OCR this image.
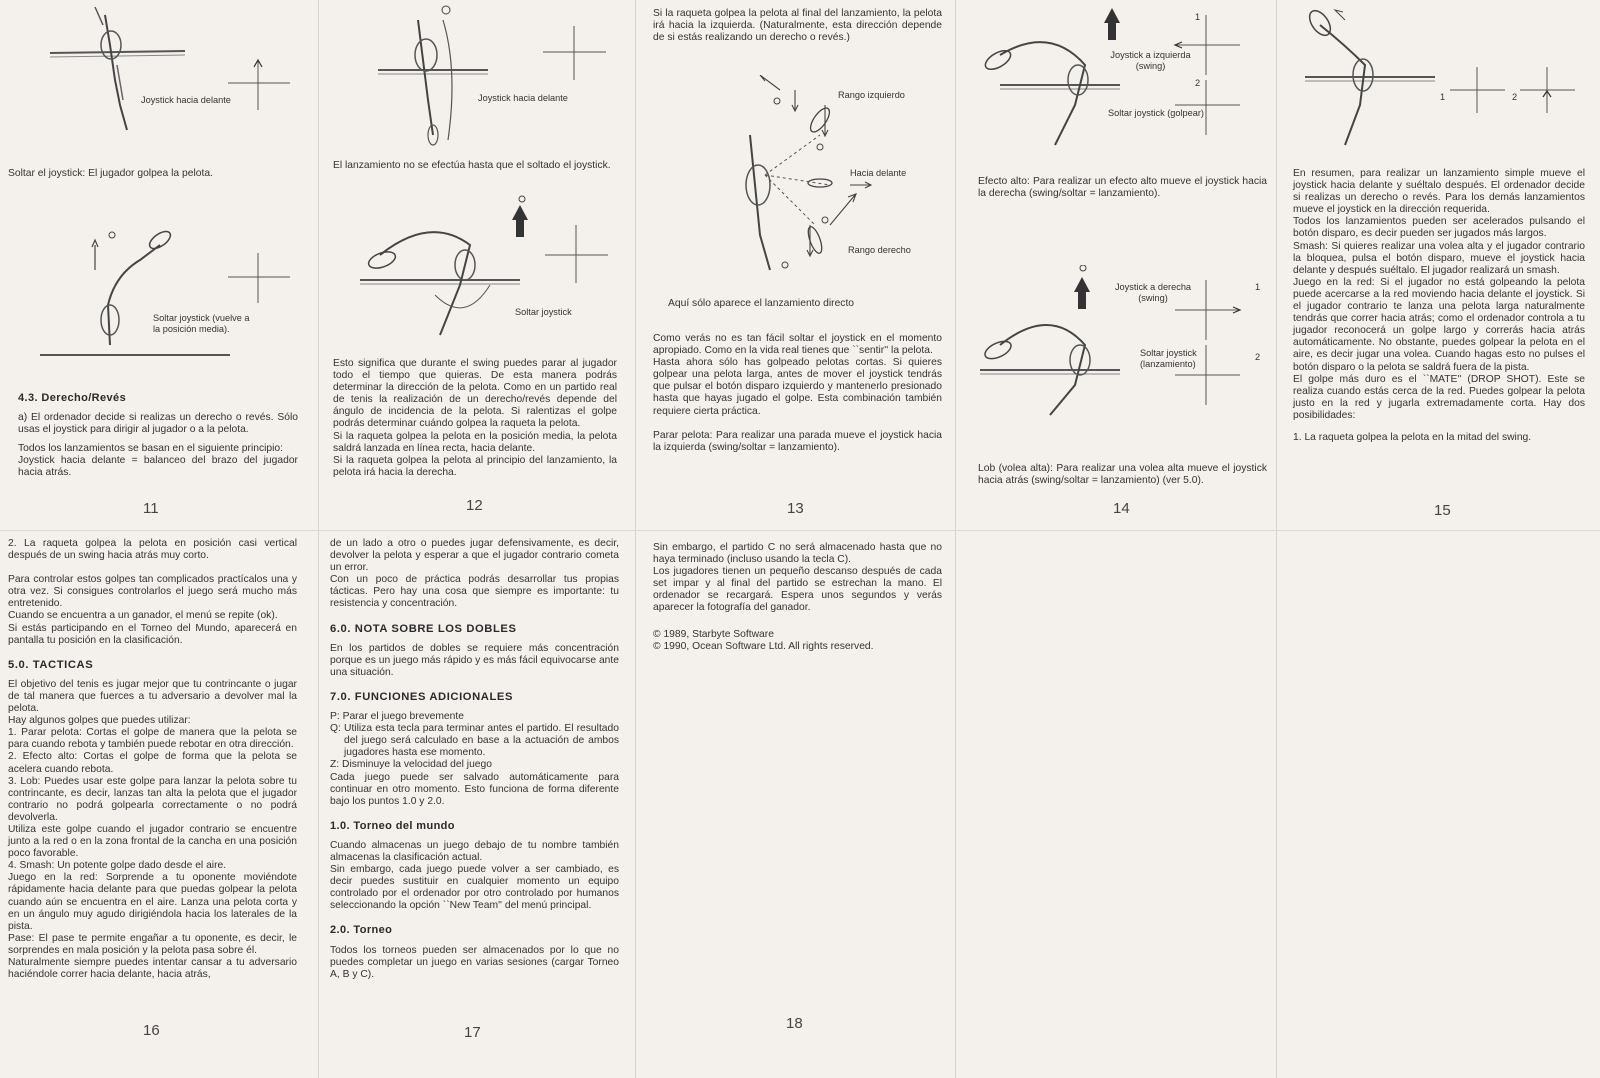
Joystick hacia delante

Soltar el joystick: El jugador golpea la pelota.

Soltar joystick (vuelve a la posición media).
4.3. Derecho/Revés

a) El ordenador decide si realizas un derecho o revés. Sólo usas el joystick para dirigir al jugador o a la pelota.

Todos los lanzamientos se basan en el siguiente principio:

Joystick hacia delante = balanceo del brazo del jugador hacia atrás.

11
Joystick hacia delante

El lanzamiento no se efectúa hasta que el soltado el joystick.

Soltar joystick

Esto significa que durante el swing puedes parar al jugador todo el tiempo que quieras. De esta manera podrás determinar la dirección de la pelota. Como en un partido real de tenis la realización de un derecho/revés depende del ángulo de incidencia de la pelota. Si ralentizas el golpe podrás determinar cuándo golpea la raqueta la pelota.

Si la raqueta golpea la pelota en la posición media, la pelota saldrá lanzada en línea recta, hacia delante.

Si la raqueta golpea la pelota al principio del lanzamiento, la pelota irá hacia la derecha.

12

Si la raqueta golpea la pelota al final del lanzamiento, la pelota irá hacia la izquierda. (Naturalmente, esta dirección depende de si estás realizando un derecho o revés.)

Rango izquierdo
Hacia delante
Rango derecho

Aquí sólo aparece el lanzamiento directo

Como verás no es tan fácil soltar el joystick en el momento apropiado. Como en la vida real tienes que ``sentir'' la pelota.

Hasta ahora sólo has golpeado pelotas cortas. Si quieres golpear una pelota larga, antes de mover el joystick tendrás que pulsar el botón disparo izquierdo y mantenerlo presionado hasta que hayas jugado el golpe. Esta combinación también requiere cierta práctica.

Parar pelota: Para realizar una parada mueve el joystick hacia la izquierda (swing/soltar = lanzamiento).

13
Joystick a izquierda (swing)
Soltar joystick (golpear)
1
2

Efecto alto: Para realizar un efecto alto mueve el joystick hacia la derecha (swing/soltar = lanzamiento).

Joystick a derecha (swing)
Soltar joystick (lanzamiento)
1
2

Lob (volea alta): Para realizar una volea alta mueve el joystick hacia atrás (swing/soltar = lanzamiento) (ver 5.0).

14
1	2

En resumen, para realizar un lanzamiento simple mueve el joystick hacia delante y suéltalo después. El ordenador decide si realizas un derecho o revés. Para los demás lanzamientos mueve el joystick en la dirección requerida.

Todos los lanzamientos pueden ser acelerados pulsando el botón disparo, es decir pueden ser jugados más largos.

Smash: Si quieres realizar una volea alta y el jugador contrario la bloquea, pulsa el botón disparo, mueve el joystick hacia delante y después suéltalo. El jugador realizará un smash.

Juego en la red: Si el jugador no está golpeando la pelota puede acercarse a la red moviendo hacia delante el joystick. Si el jugador contrario te lanza una pelota larga naturalmente tendrás que correr hacia atrás; como el ordenador controla a tu jugador reconocerá un golpe largo y correrás hacia atrás automáticamente. No obstante, puedes golpear la pelota en el aire, es decir jugar una volea. Cuando hagas esto no pulses el botón disparo o la pelota se saldrá fuera de la pista.

El golpe más duro es el ``MATE'' (DROP SHOT). Este se realiza cuando estás cerca de la red. Puedes golpear la pelota justo en la red y jugarla extremadamente corta. Hay dos posibilidades:

1. La raqueta golpea la pelota en la mitad del swing.

15

2. La raqueta golpea la pelota en posición casi vertical después de un swing hacia atrás muy corto.

Para controlar estos golpes tan complicados practícalos una y otra vez. Si consigues controlarlos el juego será mucho más entretenido.

Cuando se encuentra a un ganador, el menú se repite (ok).

Si estás participando en el Torneo del Mundo, aparecerá en pantalla tu posición en la clasificación.

5.0. TACTICAS

El objetivo del tenis es jugar mejor que tu contrincante o jugar de tal manera que fuerces a tu adversario a devolver mal la pelota.

Hay algunos golpes que puedes utilizar:

1. Parar pelota: Cortas el golpe de manera que la pelota se para cuando rebota y también puede rebotar en otra dirección.

2. Efecto alto: Cortas el golpe de forma que la pelota se acelera cuando rebota.

3. Lob: Puedes usar este golpe para lanzar la pelota sobre tu contrincante, es decir, lanzas tan alta la pelota que el jugador contrario no podrá golpearla correctamente o no podrá devolverla.

Utiliza este golpe cuando el jugador contrario se encuentre junto a la red o en la zona frontal de la cancha en una posición poco favorable.

4. Smash: Un potente golpe dado desde el aire.

Juego en la red: Sorprende a tu oponente moviéndote rápidamente hacia delante para que puedas golpear la pelota cuando aún se encuentra en el aire. Lanza una pelota corta y en un ángulo muy agudo dirigiéndola hacia los laterales de la pista.

Pase: El pase te permite engañar a tu oponente, es decir, le sorprendes en mala posición y la pelota pasa sobre él.

Naturalmente siempre puedes intentar cansar a tu adversario haciéndole correr hacia delante, hacia atrás,

16

de un lado a otro o puedes jugar defensivamente, es decir, devolver la pelota y esperar a que el jugador contrario cometa un error.

Con un poco de práctica podrás desarrollar tus propias tácticas. Pero hay una cosa que siempre es importante: tu resistencia y concentración.

6.0. NOTA SOBRE LOS DOBLES

En los partidos de dobles se requiere más concentración porque es un juego más rápido y es más fácil equivocarse ante una situación.

7.0. FUNCIONES ADICIONALES

P: Parar el juego brevemente

Q: Utiliza esta tecla para terminar antes el partido. El resultado del juego será calculado en base a la actuación de ambos jugadores hasta ese momento.

Z: Disminuye la velocidad del juego

Cada juego puede ser salvado automáticamente para continuar en otro momento. Esto funciona de forma diferente bajo los puntos 1.0 y 2.0.

1.0. Torneo del mundo

Cuando almacenas un juego debajo de tu nombre también almacenas la clasificación actual.

Sin embargo, cada juego puede volver a ser cambiado, es decir puedes sustituir en cualquier momento un equipo controlado por el ordenador por otro controlado por humanos seleccionando la opción ``New Team'' del menú principal.

2.0. Torneo

Todos los torneos pueden ser almacenados por lo que no puedes completar un juego en varias sesiones (cargar Torneo A, B y C).

17

Sin embargo, el partido C no será almacenado hasta que no haya terminado (incluso usando la tecla C).

Los jugadores tienen un pequeño descanso después de cada set impar y al final del partido se estrechan la mano. El ordenador se recargará. Espera unos segundos y verás aparecer la fotografía del ganador.

© 1989, Starbyte Software
© 1990, Ocean Software Ltd. All rights reserved.
18
